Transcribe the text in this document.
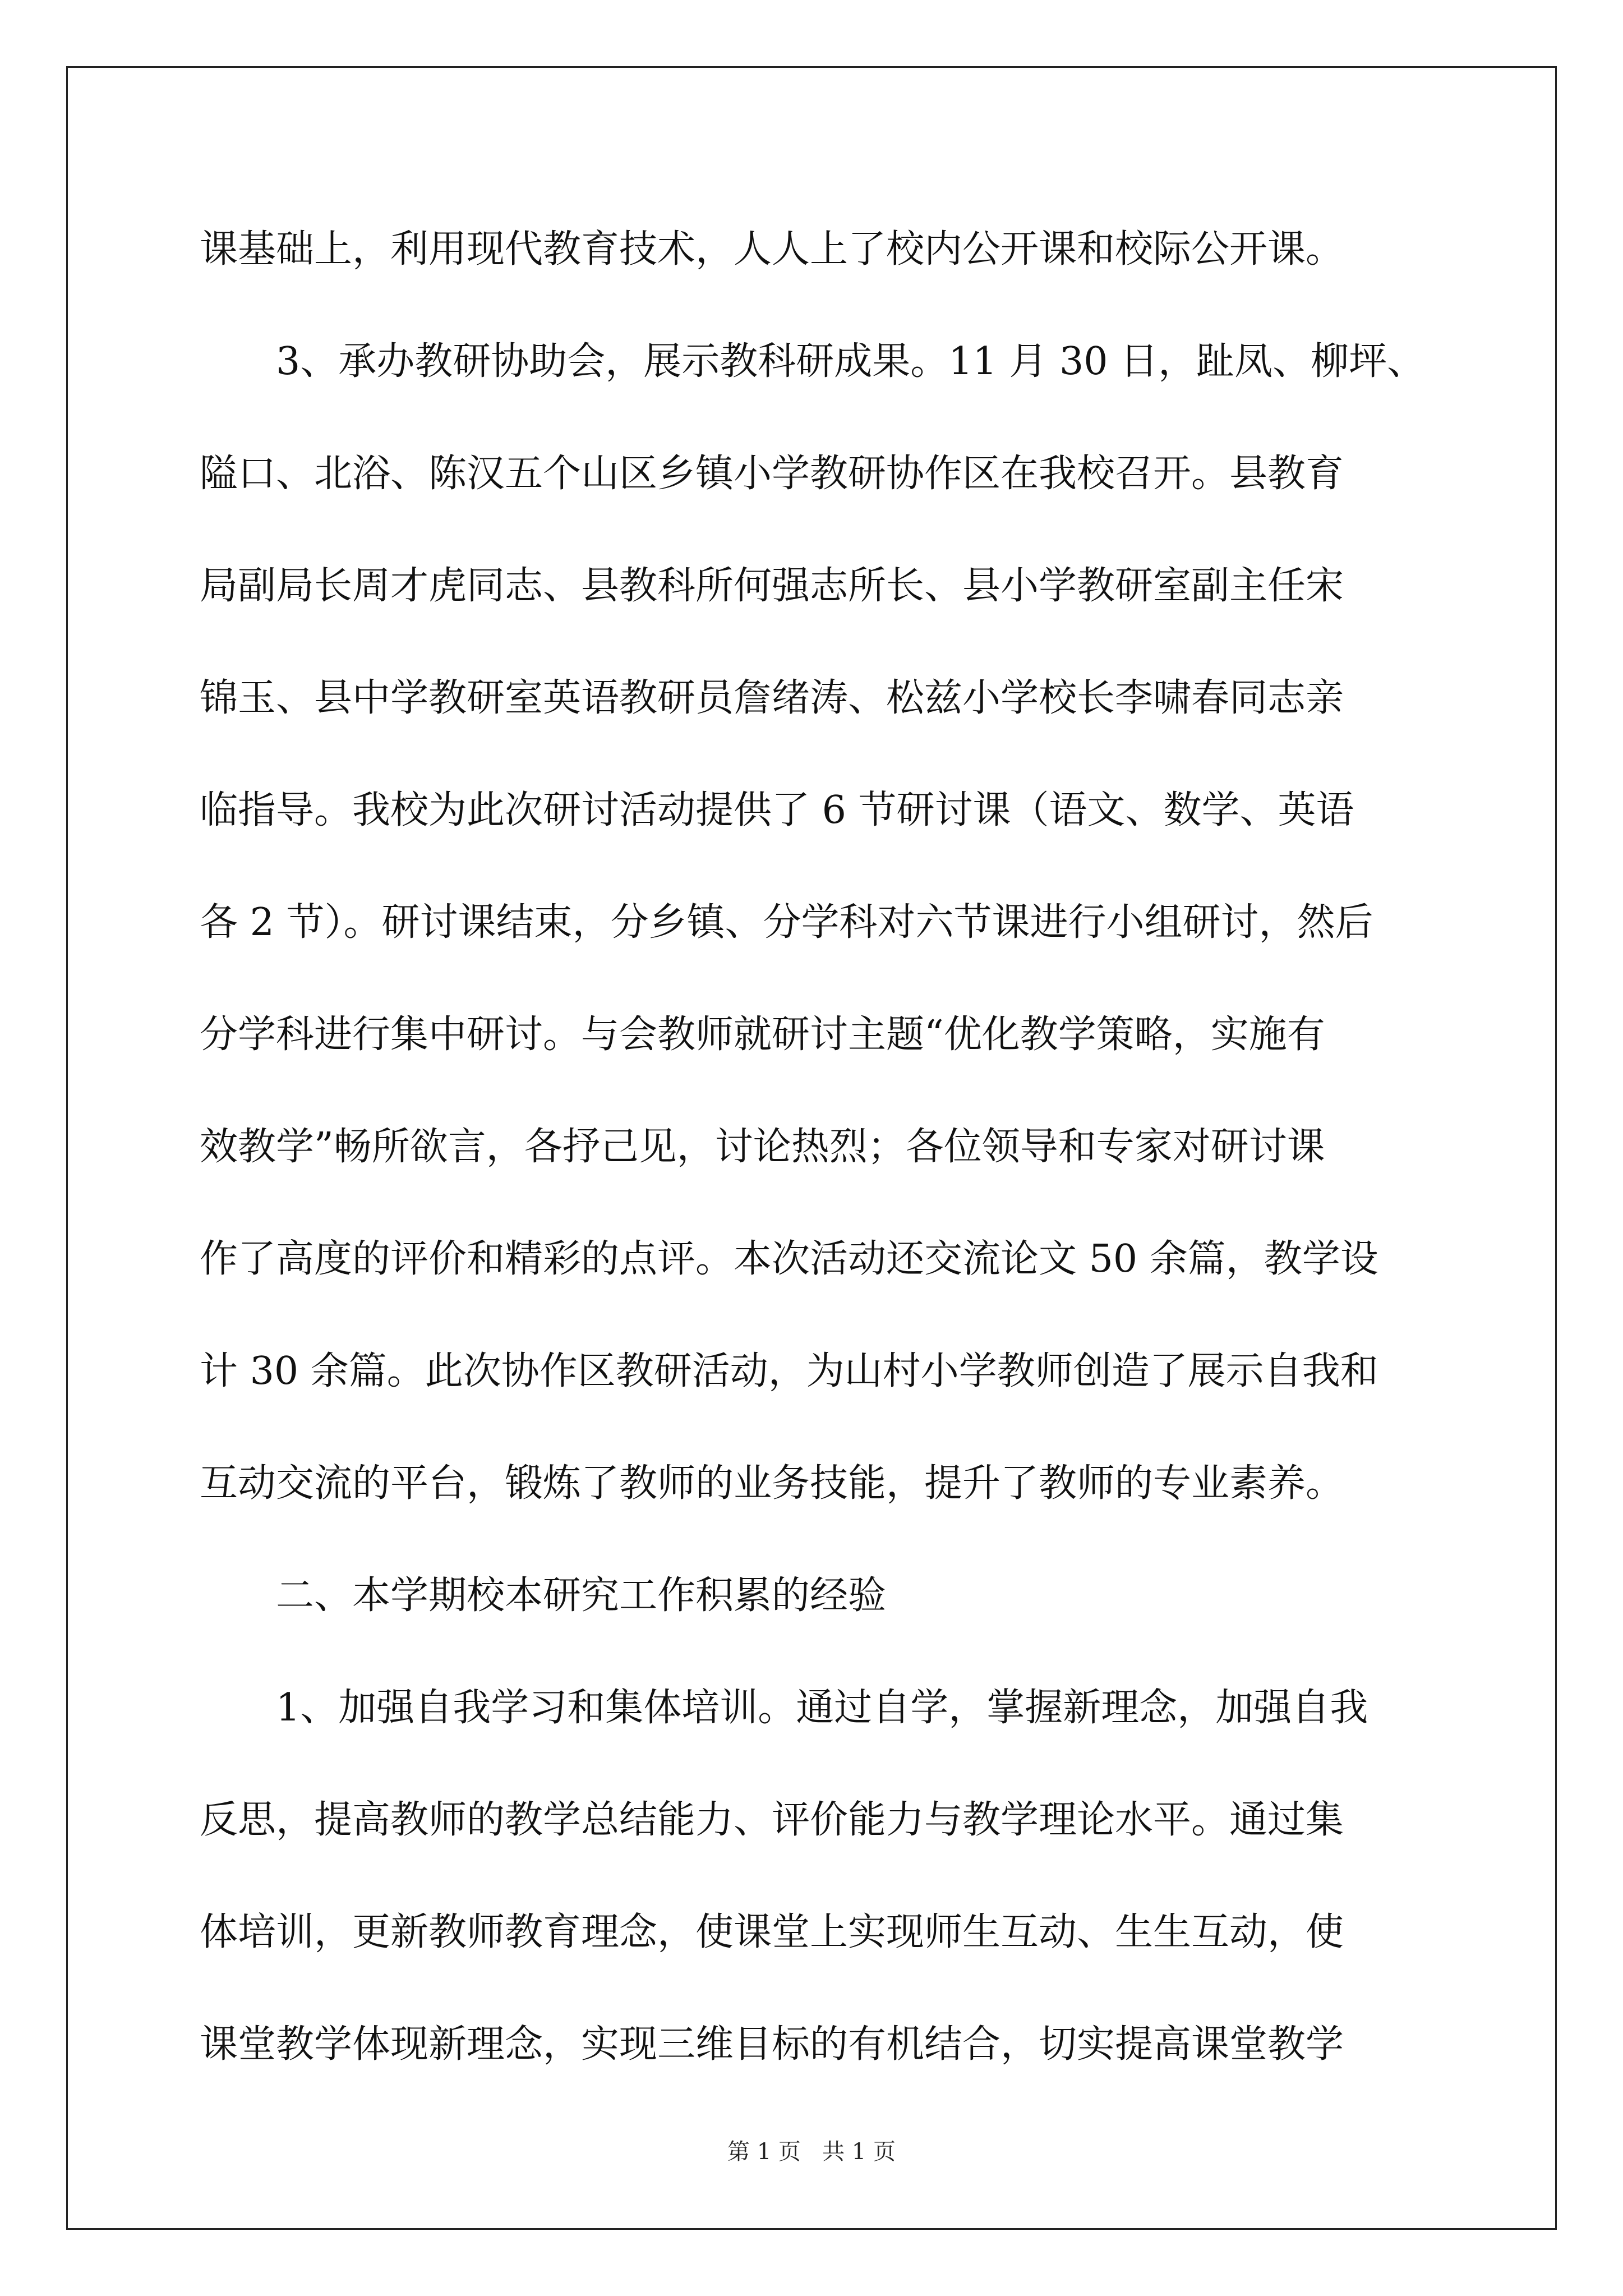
课基础上，利用现代教育技术，人人上了校内公开课和校际公开课。
3、承办教研协助会，展示教科研成果。11 月 30 日，趾凤、柳坪、
隘口、北浴、陈汉五个山区乡镇小学教研协作区在我校召开。县教育
局副局长周才虎同志、县教科所何强志所长、县小学教研室副主任宋
锦玉、县中学教研室英语教研员詹绪涛、松兹小学校长李啸春同志亲
临指导。我校为此次研讨活动提供了 6 节研讨课（语文、数学、英语
各 2 节）。研讨课结束，分乡镇、分学科对六节课进行小组研讨，然后
分学科进行集中研讨。与会教师就研讨主题“优化教学策略，实施有
效教学”畅所欲言，各抒己见，讨论热烈；各位领导和专家对研讨课
作了高度的评价和精彩的点评。本次活动还交流论文 50 余篇，教学设
计 30 余篇。此次协作区教研活动，为山村小学教师创造了展示自我和
互动交流的平台，锻炼了教师的业务技能，提升了教师的专业素养。
二、本学期校本研究工作积累的经验
1、加强自我学习和集体培训。通过自学，掌握新理念，加强自我
反思，提高教师的教学总结能力、评价能力与教学理论水平。通过集
体培训，更新教师教育理念，使课堂上实现师生互动、生生互动，使
课堂教学体现新理念，实现三维目标的有机结合，切实提高课堂教学
第 1 页   共 1 页
